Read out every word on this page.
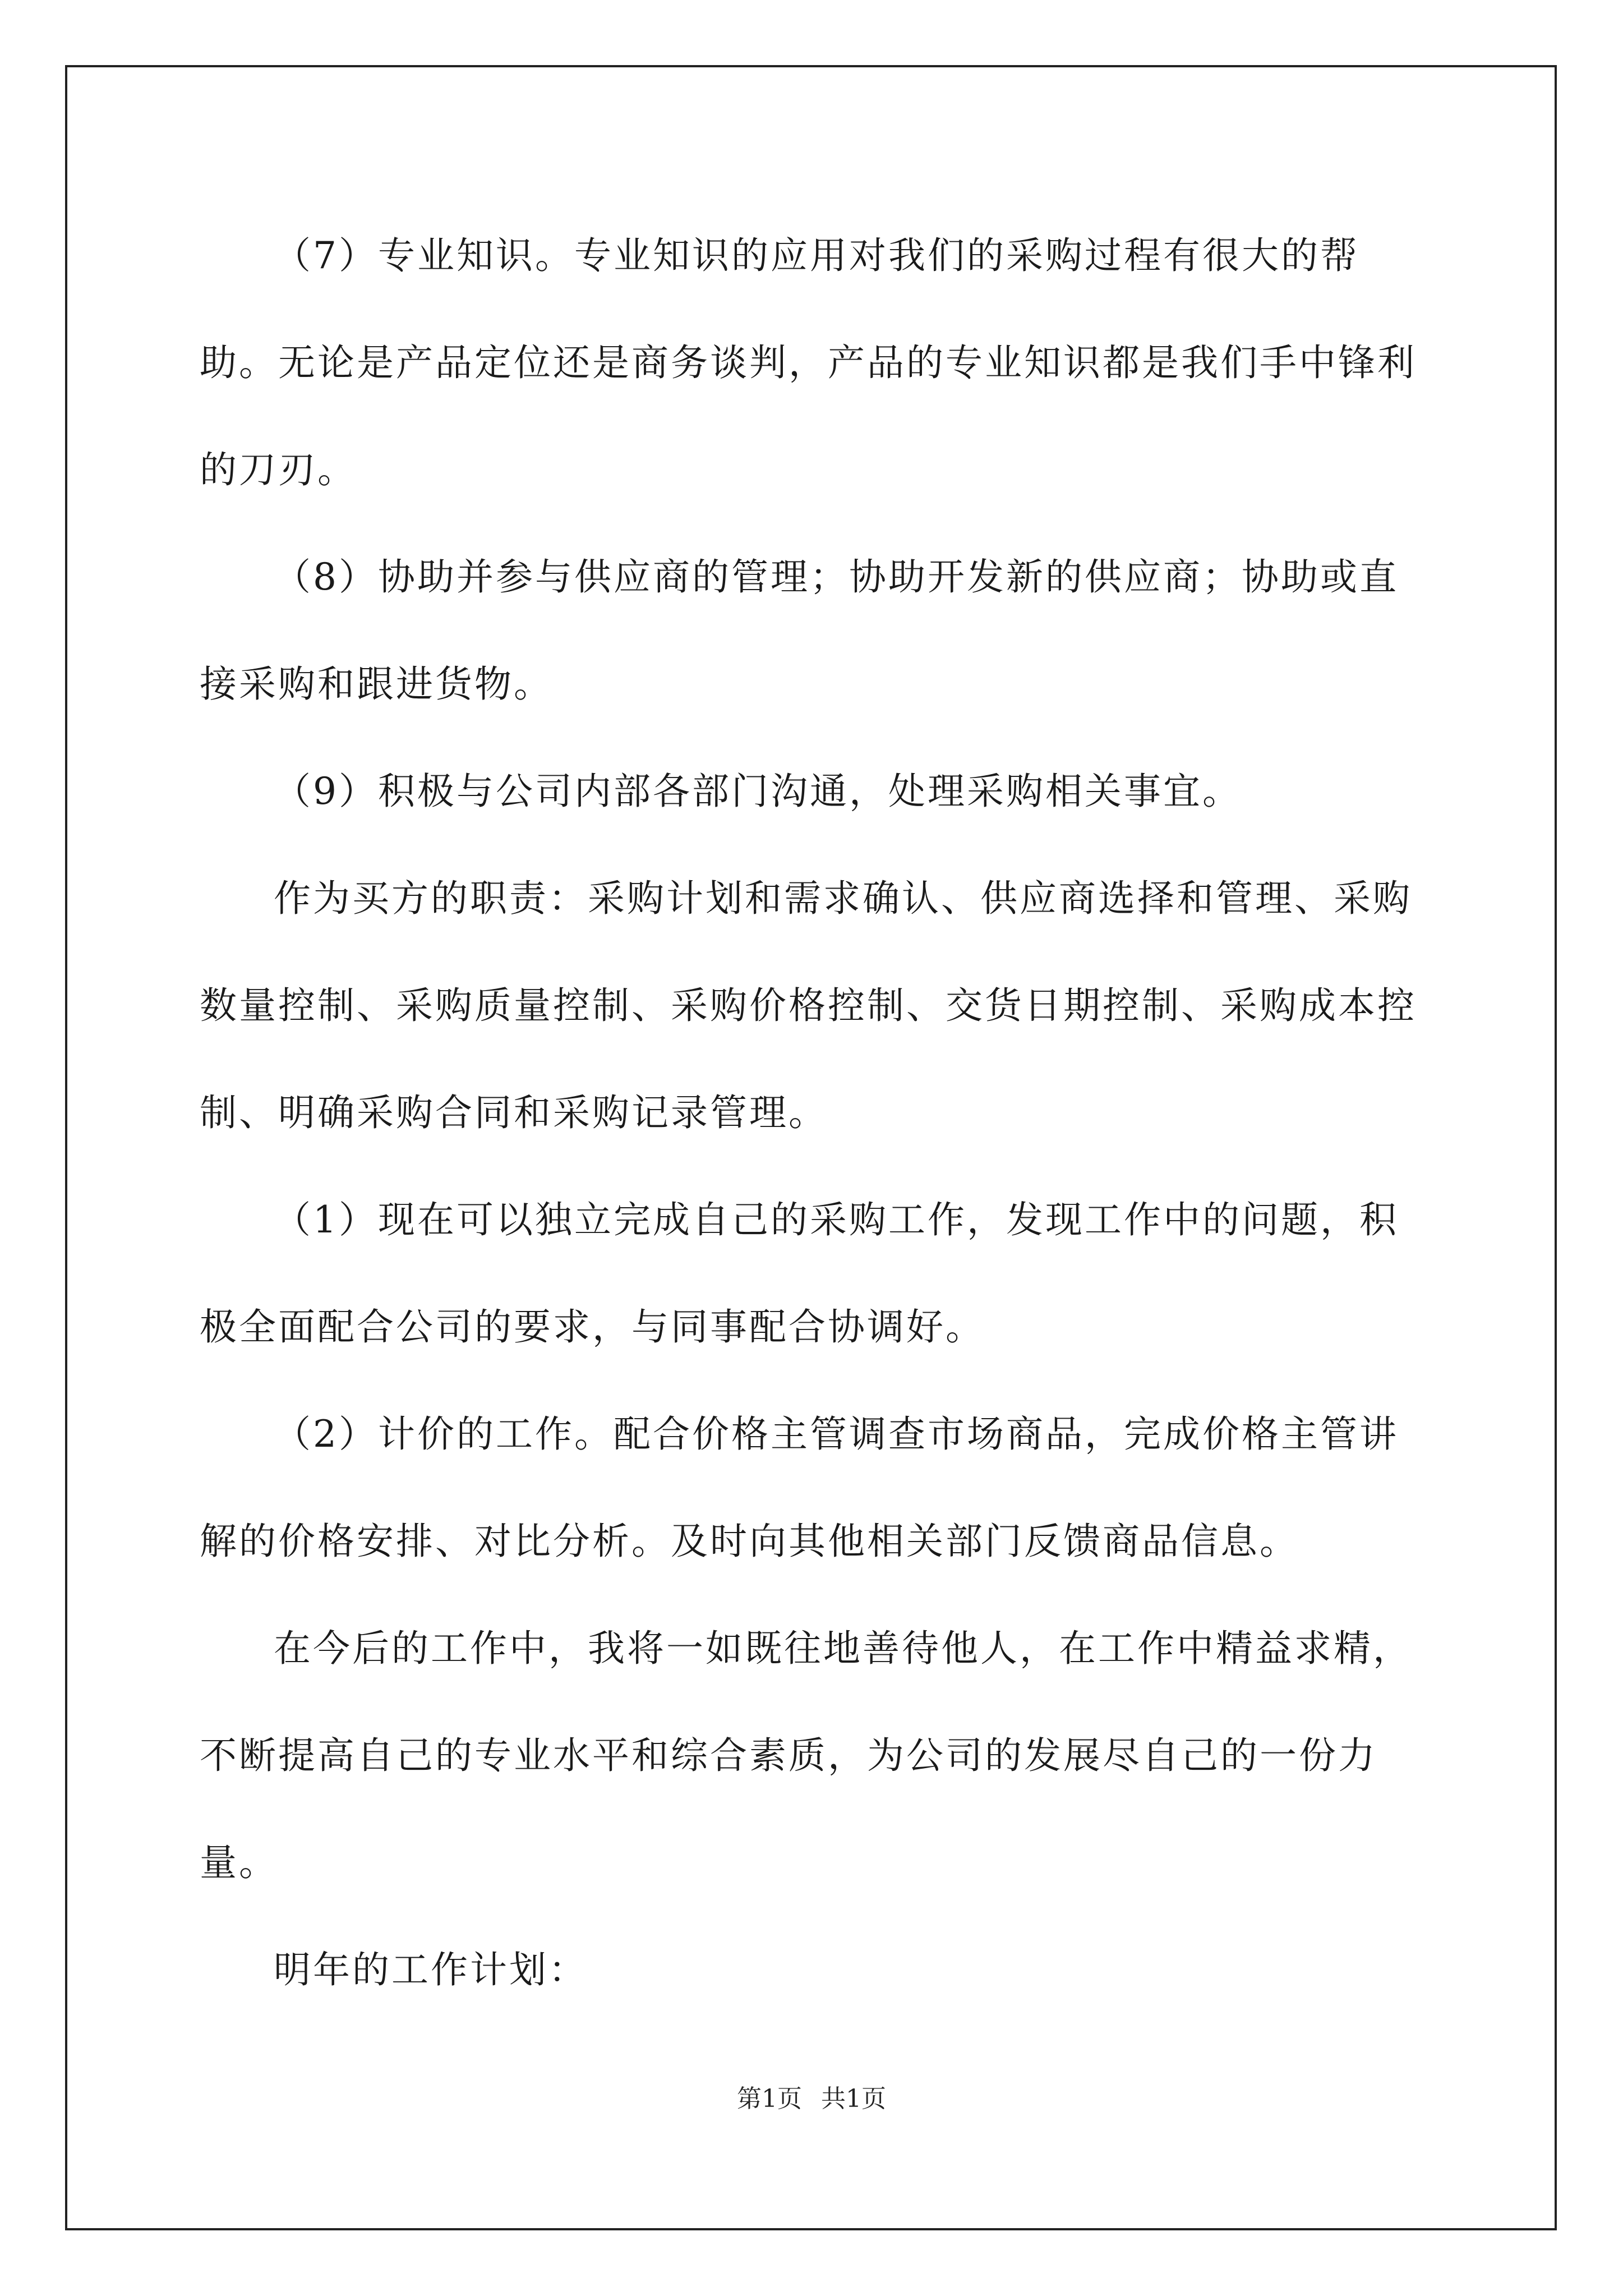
（7）专业知识。专业知识的应用对我们的采购过程有很大的帮助。无论是产品定位还是商务谈判，产品的专业知识都是我们手中锋利的刀刃。

（8）协助并参与供应商的管理；协助开发新的供应商；协助或直接采购和跟进货物。

（9）积极与公司内部各部门沟通，处理采购相关事宜。

作为买方的职责：采购计划和需求确认、供应商选择和管理、采购数量控制、采购质量控制、采购价格控制、交货日期控制、采购成本控制、明确采购合同和采购记录管理。

（1）现在可以独立完成自己的采购工作，发现工作中的问题，积极全面配合公司的要求，与同事配合协调好。

（2）计价的工作。配合价格主管调查市场商品，完成价格主管讲解的价格安排、对比分析。及时向其他相关部门反馈商品信息。

在今后的工作中，我将一如既往地善待他人，在工作中精益求精，不断提高自己的专业水平和综合素质，为公司的发展尽自己的一份力量。

明年的工作计划：

第1页 共1页
